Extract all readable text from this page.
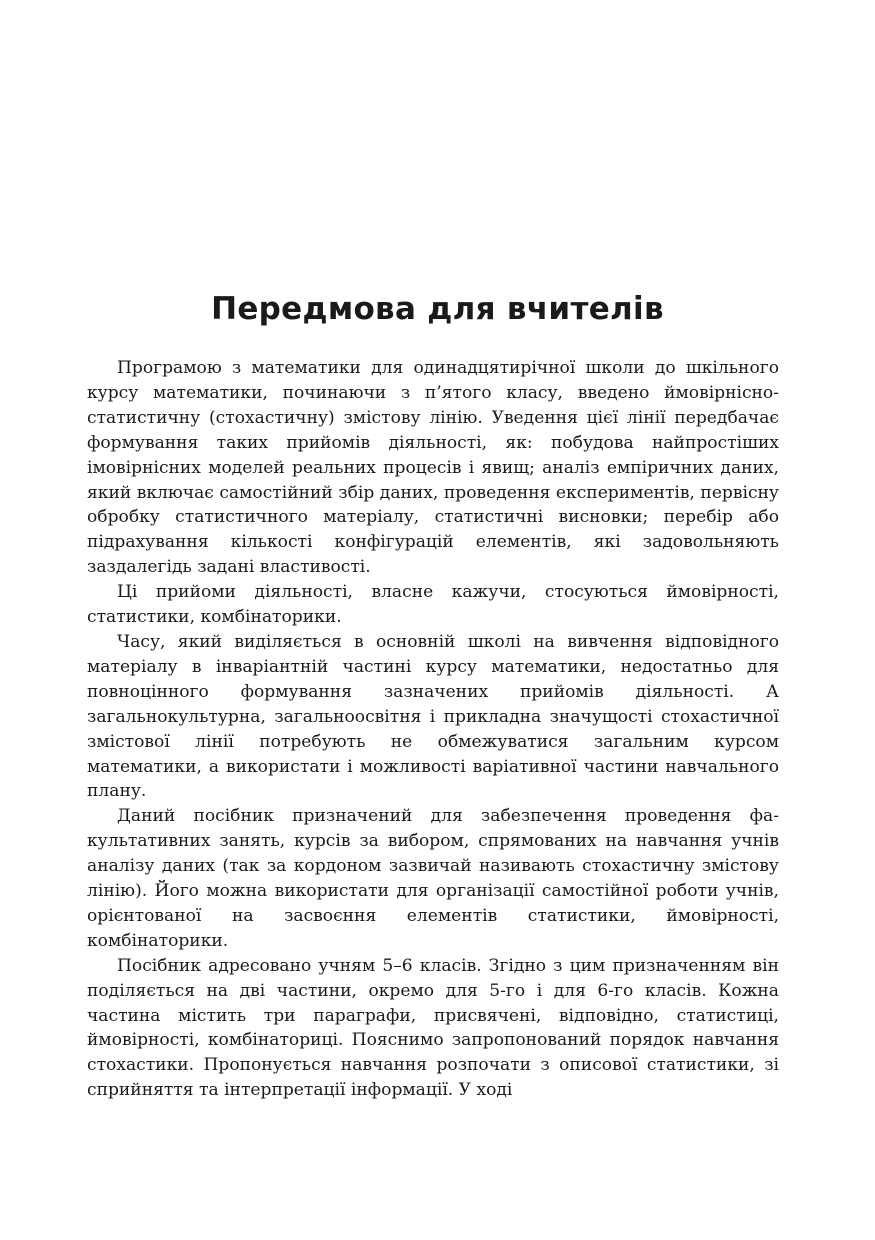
Передмова для вчителів

Програмою з математики для одинадцятирічної школи до шкільного курсу математики, починаючи з п’ятого класу, введено ймовірнісно-статистичну (стохастичну) змістову лінію. Уведення цієї лінії передбачає формування таких прийомів діяльності, як: побудова найпростіших імовірнісних моделей реальних процесів і явищ; аналіз емпіричних даних, який включає самостійний збір даних, проведення експериментів, первісну обробку статистичного матеріалу, статистичні висновки; перебір або підрахування кількості конфігурацій елементів, які задовольняють заздалегідь задані властивості.

Ці прийоми діяльності, власне кажучи, стосуються ймовірності, статистики, комбінаторики.

Часу, який виділяється в основній школі на вивчення відповідного матеріалу в інваріантній частині курсу математики, недостатньо для повноцінного формування зазначених прийомів діяльності. А загальнокультурна, загальноосвітня і прикладна значущості стохастичної змістової лінії потребують не обмежуватися загальним курсом математики, а використати і можливості варіативної частини навчального плану.

Даний посібник призначений для забезпечення проведення факультативних занять, курсів за вибором, спрямованих на навчання учнів аналізу даних (так за кордоном зазвичай називають стохастичну змістову лінію). Його можна використати для організації самостійної роботи учнів, орієнтованої на засвоєння елементів статистики, ймовірності, комбінаторики.

Посібник адресовано учням 5–6 класів. Згідно з цим призначенням він поділяється на дві частини, окремо для 5-го і для 6-го класів. Кожна частина містить три параграфи, присвячені, відповідно, статистиці, ймовірності, комбінаториці. Пояснимо запропонований порядок навчання стохастики. Пропонується навчання розпочати з описової статистики, зі сприйняття та інтерпретації інформації. У ході
